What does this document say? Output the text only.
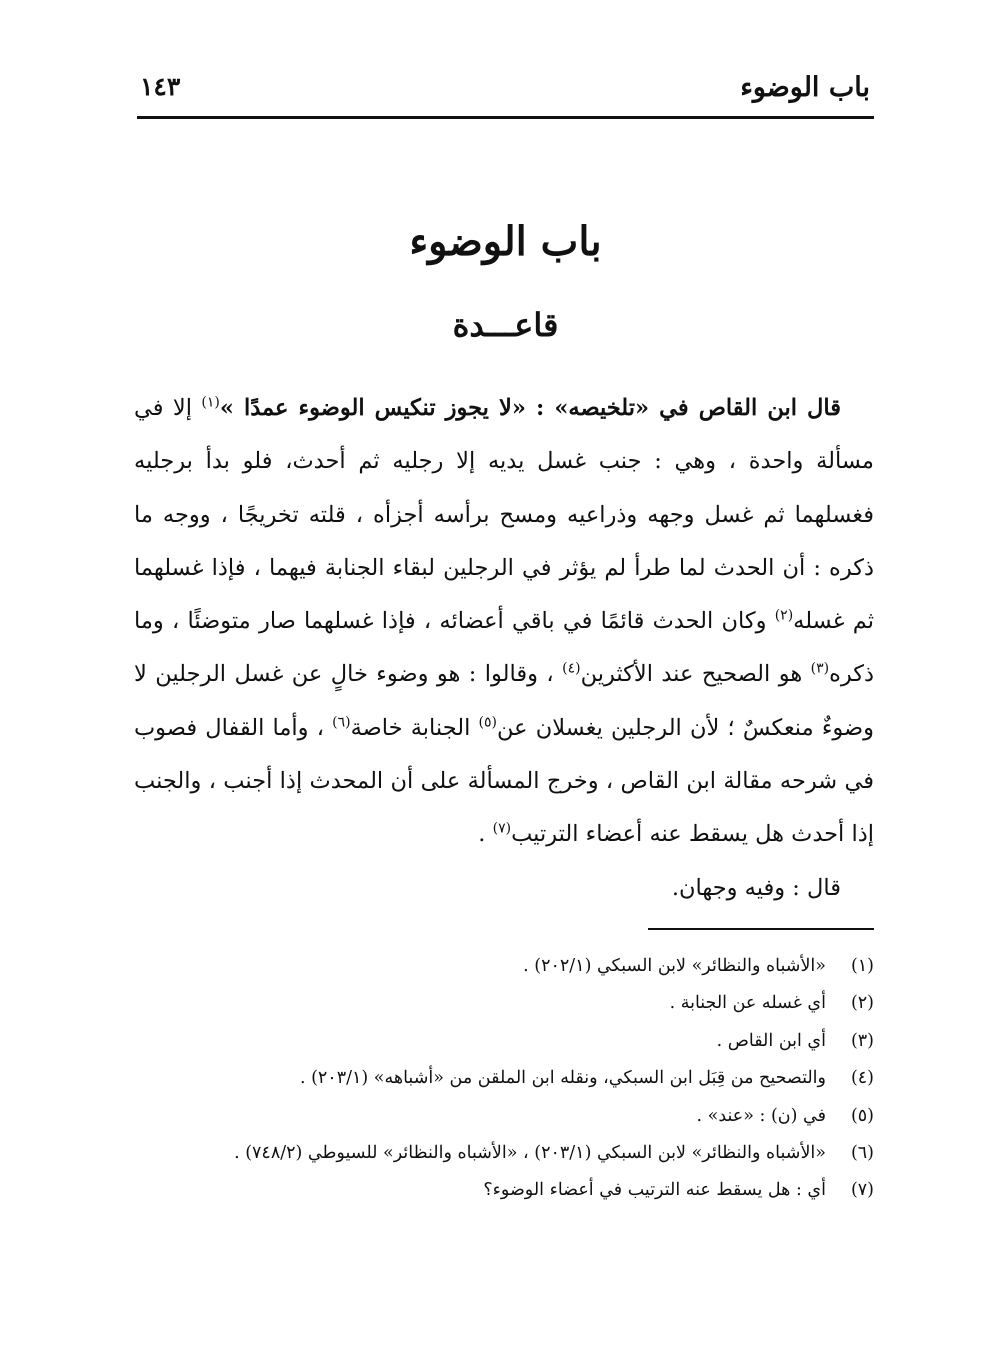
باب الوضوء
١٤٣
باب الوضوء
قاعـــدة

قال ابن القاص في «تلخيصه» : «لا يجوز تنكيس الوضوء عمدًا »$^{(١)}$ إلا في مسألة واحدة ، وهي : جنب غسل يديه إلا رجليه ثم أحدث، فلو بدأ برجليه فغسلهما ثم غسل وجهه وذراعيه ومسح برأسه أجزأه ، قلته تخريجًا ، ووجه ما ذكره : أن الحدث لما طرأ لم يؤثر في الرجلين لبقاء الجنابة فيهما ، فإذا غسلهما ثم غسله$^{(٢)}$ وكان الحدث قائمًا في باقي أعضائه ، فإذا غسلهما صار متوضئًا ، وما ذكره$^{(٣)}$ هو الصحيح عند الأكثرين$^{(٤)}$ ، وقالوا : هو وضوء خالٍ عن غسل الرجلين لا وضوءٌ منعكسٌ ؛ لأن الرجلين يغسلان عن$^{(٥)}$ الجنابة خاصة$^{(٦)}$ ، وأما القفال فصوب في شرحه مقالة ابن القاص ، وخرج المسألة على أن المحدث إذا أجنب ، والجنب إذا أحدث هل يسقط عنه أعضاء الترتيب$^{(٧)}$ .

قال : وفيه وجهان.

(١)
«الأشباه والنظائر» لابن السبكي (٢٠٢/١) .
(٢)
أي غسله عن الجنابة .
(٣)
أي ابن القاص .
(٤)
والتصحيح من قِبَل ابن السبكي، ونقله ابن الملقن من «أشباهه» (٢٠٣/١) .
(٥)
في (ن) : «عند» .
(٦)
«الأشباه والنظائر» لابن السبكي (٢٠٣/١) ، «الأشباه والنظائر» للسيوطي (٧٤٨/٢) .
(٧)
أي : هل يسقط عنه الترتيب في أعضاء الوضوء؟
